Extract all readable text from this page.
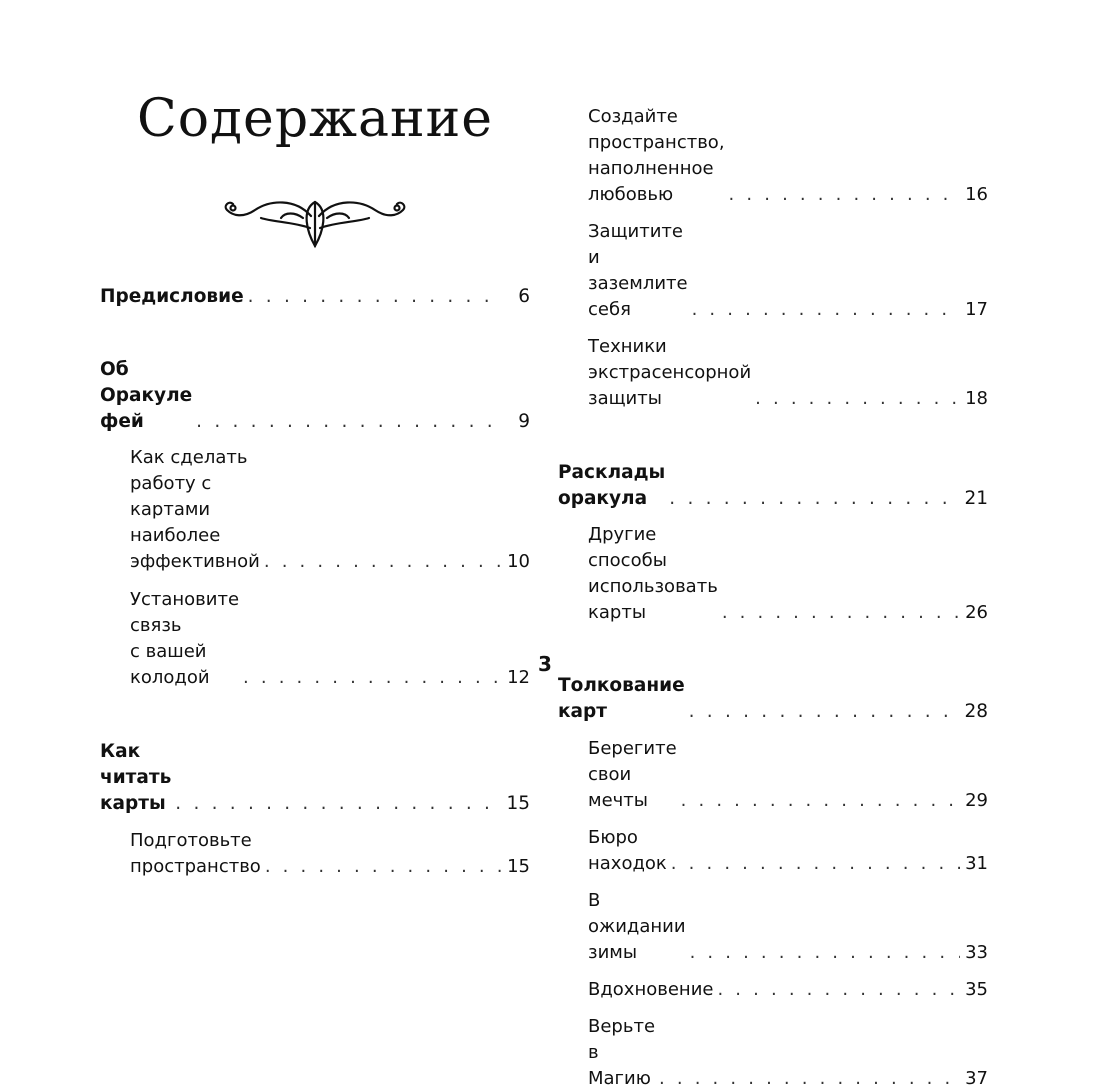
Содержание
Предисловие . . .	6
Об Оракуле фей . . .	9
Как сделать работу с картами
наиболее эффективной . . .	10
Установите связь
с вашей колодой . . .	12
Как читать карты . . .	15
Подготовьте пространство . . .	15
Создайте пространство,
наполненное любовью . . .	16
Защитите и заземлите себя . . .	17
Техники экстрасенсорной защиты . . .	18
Расклады оракула . . .	21
Другие способы
использовать карты . . .	26
Толкование карт . . .	28
Берегите свои мечты . . .	29
Бюро находок . . .	31
В ожидании зимы . . .	33
Вдохновение . . .	35
Верьте в Магию . . .	37
3
